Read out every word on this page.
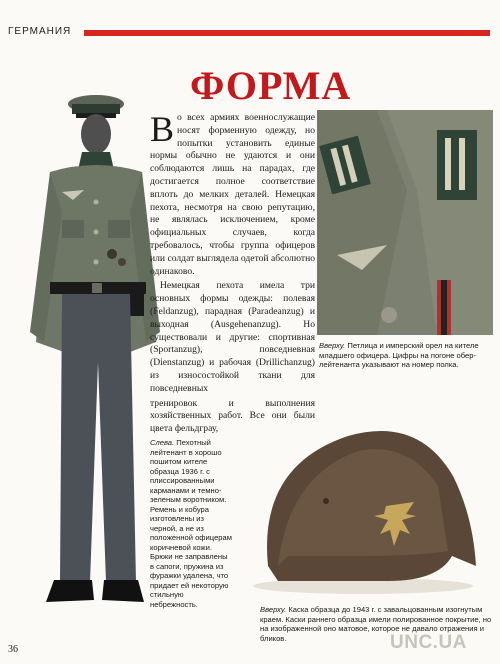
ГЕРМАНИЯ
ФОРМА

Во всех армиях военнослужащие носят форменную одежду, но попытки установить единые нормы обычно не удаются и они соблюдаются лишь на парадах, где достигается полное соответствие вплоть до мелких деталей. Немецкая пехота, несмотря на свою репутацию, не являлась исключением, кроме официальных случаев, когда требовалось, чтобы группа офицеров или солдат выглядела одетой абсолютно одинаково.

Немецкая пехота имела три основных формы одежды: полевая (Feldanzug), парадная (Paradeanzug) и выходная (Ausgehenanzug). Но существовали и другие: спортивная (Sportanzug), повседневная (Dienstanzug) и рабочая (Drillichanzug) из износостойкой ткани для повседневных

тренировок и выполнения хозяйственных работ. Все они были цвета фельдграу,

Вверху. Петлица и имперский орел на кителе младшего офицера. Цифры на погоне обер-лейтенанта указывают на номер полка.
Слева. Пехотный лейтенант в хорошо пошитом кителе образца 1936 г. с плиссированными карманами и темно-зеленым воротником. Ремень и кобура изготовлены из черной, а не из положенной офицерам коричневой кожи. Брюки не заправлены в сапоги, пружина из фуражки удалена, что придает ей некоторую стильную небрежность.
Вверху. Каска образца до 1943 г. с завальцованным изогнутым краем. Каски раннего образца имели полированное покрытие, но на изображенной оно матовое, которое не давало отражения и бликов.
36	UNC.UA
